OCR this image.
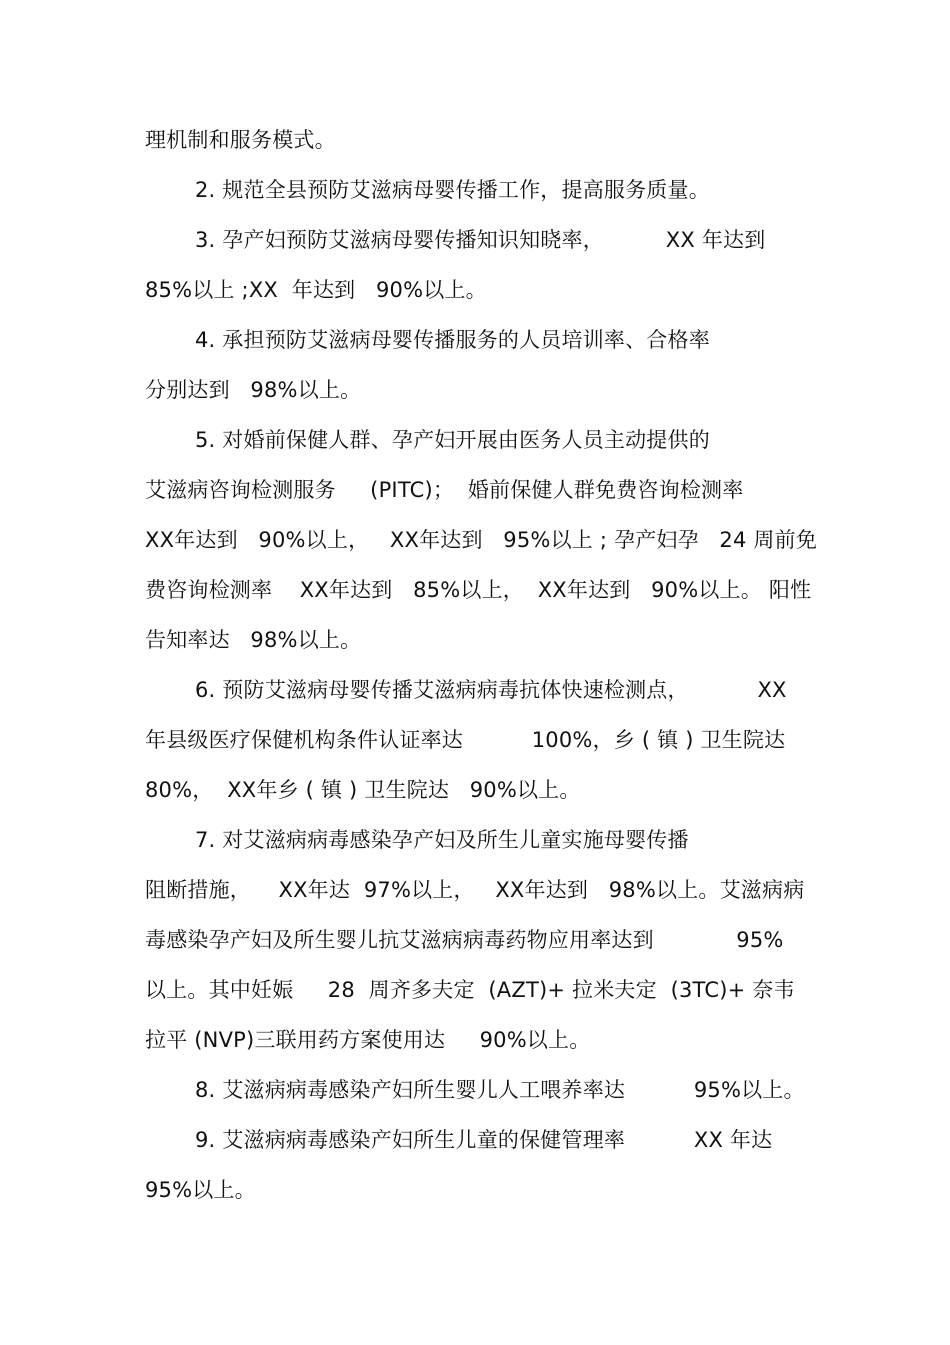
理机制和服务模式。
2. 规范全县预防艾滋病母婴传播工作，提高服务质量。
3. 孕产妇预防艾滋病母婴传播知识知晓率，         XX 年达到
85%以上 ;XX  年达到   90%以上。
4. 承担预防艾滋病母婴传播服务的人员培训率、合格率
分别达到   98%以上。
5. 对婚前保健人群、孕产妇开展由医务人员主动提供的
艾滋病咨询检测服务     (PITC)；  婚前保健人群免费咨询检测率
XX年达到   90%以上，   XX年达到   95%以上 ; 孕产妇孕   24 周前免
费咨询检测率    XX年达到   85%以上，  XX年达到   90%以上。 阳性
告知率达   98%以上。
6. 预防艾滋病母婴传播艾滋病病毒抗体快速检测点，          XX
年县级医疗保健机构条件认证率达          100%，乡 ( 镇 ) 卫生院达
80%，  XX年乡 ( 镇 ) 卫生院达   90%以上。
7. 对艾滋病病毒感染孕产妇及所生儿童实施母婴传播
阻断措施，    XX年达  97%以上，   XX年达到   98%以上。艾滋病病
毒感染孕产妇及所生婴儿抗艾滋病病毒药物应用率达到            95%
以上。其中妊娠     28  周齐多夫定  (AZT)+ 拉米夫定  (3TC)+ 奈韦
拉平 (NVP)三联用药方案使用达     90%以上。
8. 艾滋病病毒感染产妇所生婴儿人工喂养率达          95%以上。
9. 艾滋病病毒感染产妇所生儿童的保健管理率          XX 年达
95%以上。
